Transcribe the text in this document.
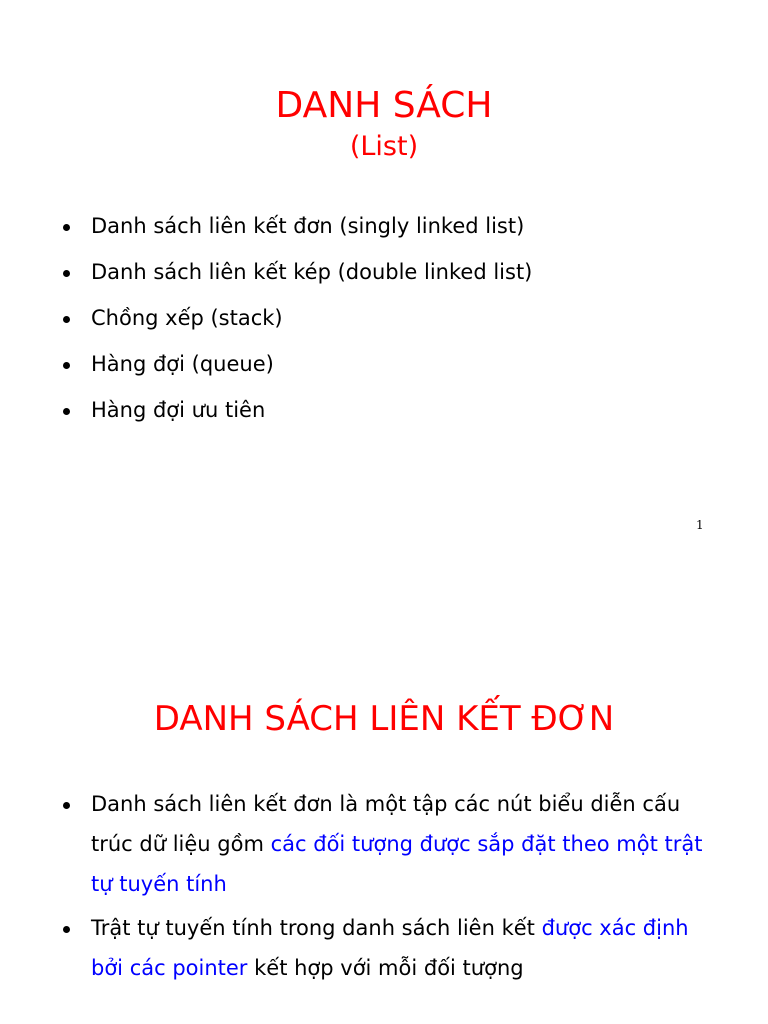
DANH SÁCH
(List)
Danh sách liên kết đơn (singly linked list)
Danh sách liên kết kép (double linked list)
Chồng xếp (stack)
Hàng đợi (queue)
Hàng đợi ưu tiên
1
DANH SÁCH LIÊN KẾT ĐƠN
Danh sách liên kết đơn là một tập các nút biểu diễn cấu
trúc dữ liệu gồm các đối tượng được sắp đặt theo một trật
tự tuyến tính
Trật tự tuyến tính trong danh sách liên kết được xác định
bởi các pointer kết hợp với mỗi đối tượng
